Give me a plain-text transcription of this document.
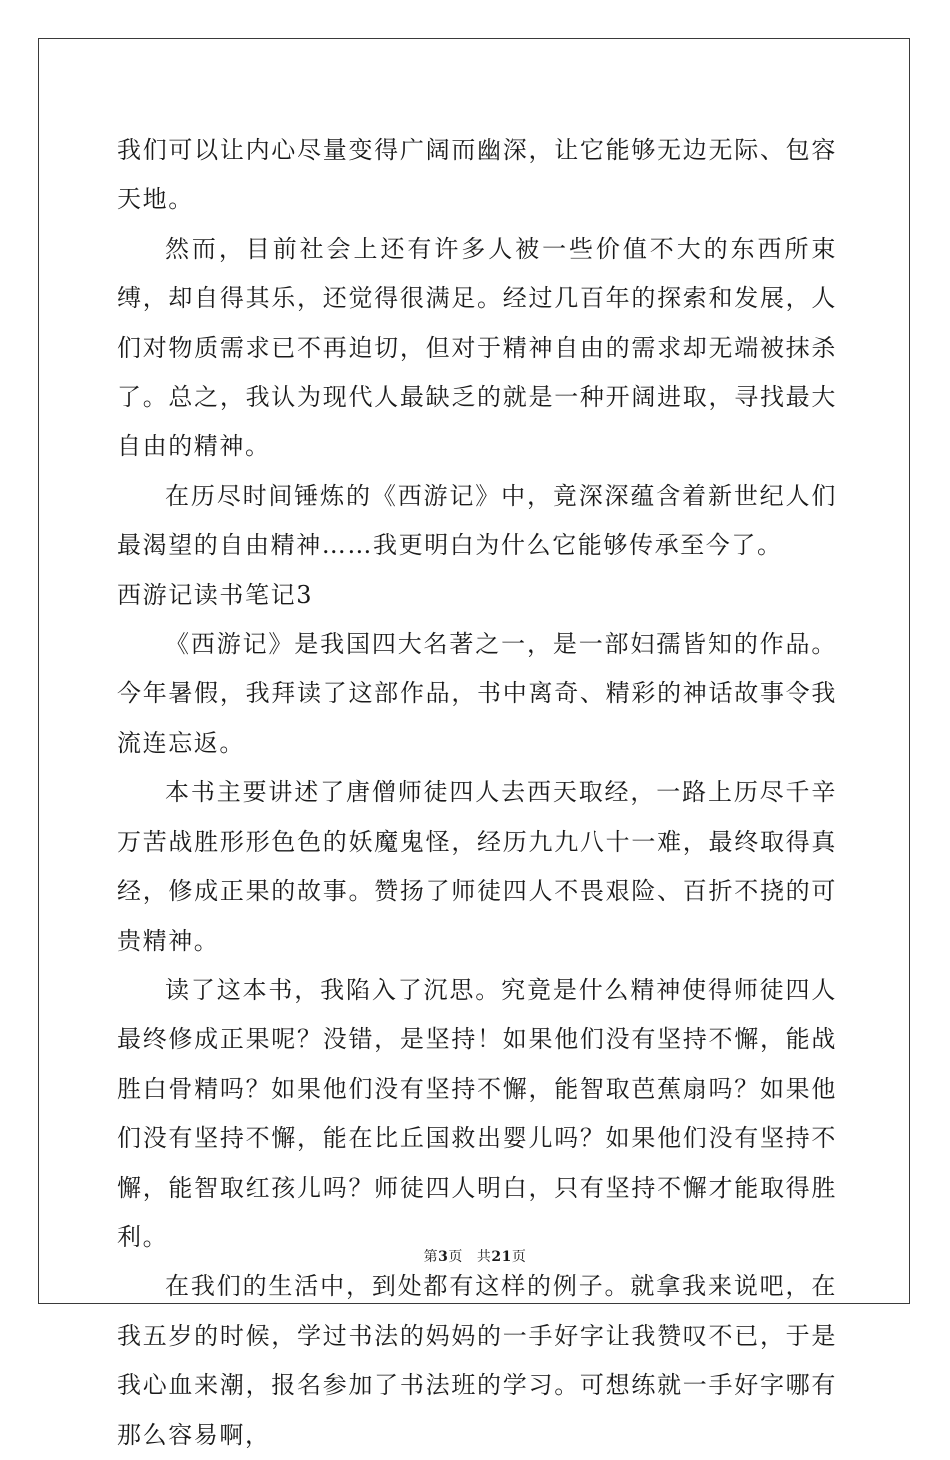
我们可以让内心尽量变得广阔而幽深，让它能够无边无际、包容天地。

然而，目前社会上还有许多人被一些价值不大的东西所束缚，却自得其乐，还觉得很满足。经过几百年的探索和发展，人们对物质需求已不再迫切，但对于精神自由的需求却无端被抹杀了。总之，我认为现代人最缺乏的就是一种开阔进取，寻找最大自由的精神。

在历尽时间锤炼的《西游记》中，竟深深蕴含着新世纪人们最渴望的自由精神……我更明白为什么它能够传承至今了。

西游记读书笔记3

《西游记》是我国四大名著之一，是一部妇孺皆知的作品。今年暑假，我拜读了这部作品，书中离奇、精彩的神话故事令我流连忘返。

本书主要讲述了唐僧师徒四人去西天取经，一路上历尽千辛万苦战胜形形色色的妖魔鬼怪，经历九九八十一难，最终取得真经，修成正果的故事。赞扬了师徒四人不畏艰险、百折不挠的可贵精神。

读了这本书，我陷入了沉思。究竟是什么精神使得师徒四人最终修成正果呢？没错，是坚持！如果他们没有坚持不懈，能战胜白骨精吗？如果他们没有坚持不懈，能智取芭蕉扇吗？如果他们没有坚持不懈，能在比丘国救出婴儿吗？如果他们没有坚持不懈，能智取红孩儿吗？师徒四人明白，只有坚持不懈才能取得胜利。

在我们的生活中，到处都有这样的例子。就拿我来说吧，在我五岁的时候，学过书法的妈妈的一手好字让我赞叹不已，于是我心血来潮，报名参加了书法班的学习。可想练就一手好字哪有那么容易啊，

第3页 共21页
